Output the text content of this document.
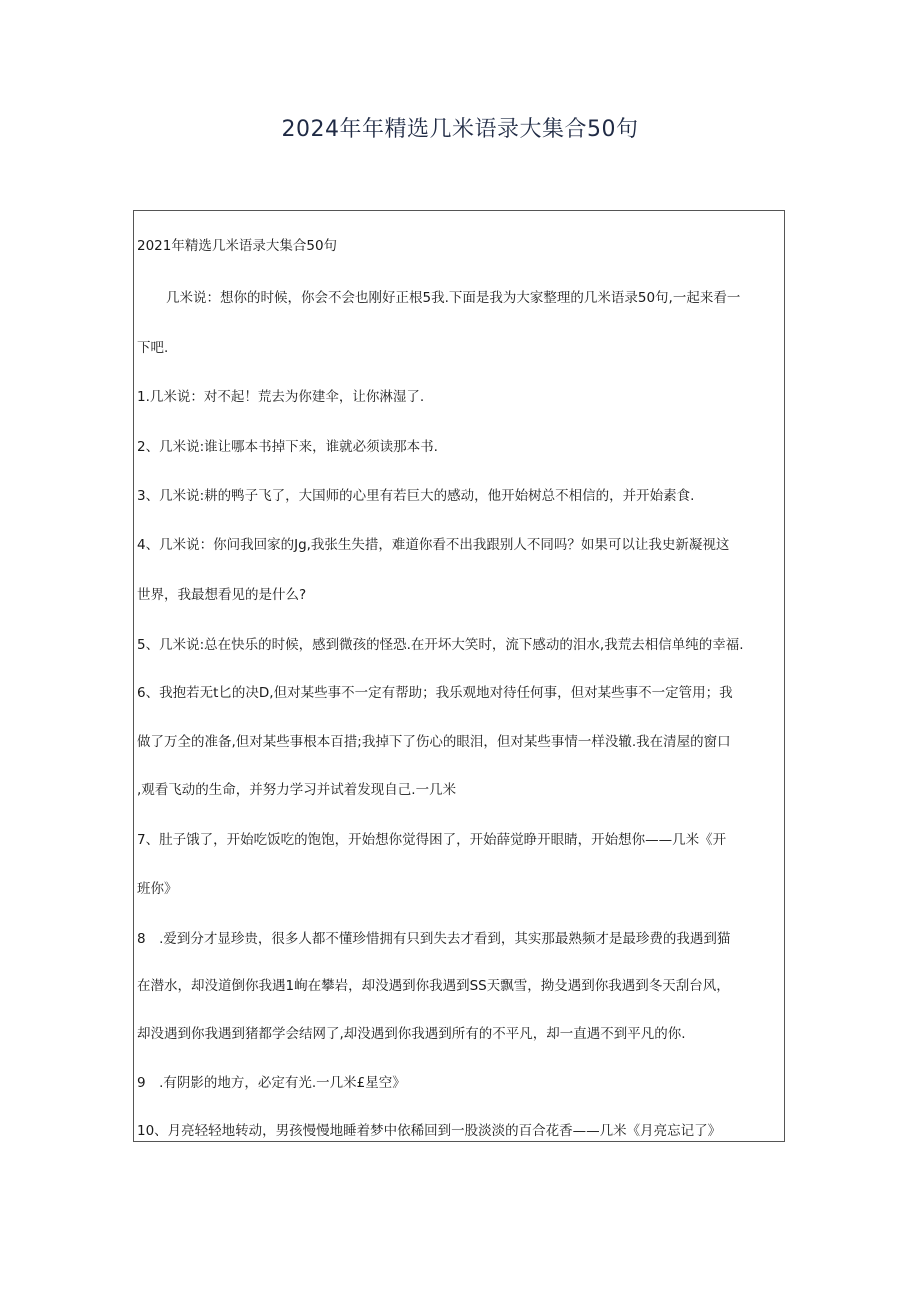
2024年年精选几米语录大集合50句
2021年精选几米语录大集合50句
几米说：想你的时候，你会不会也刚好正根5我.下面是我为大家整理的几米语录50句,一起来看一
下吧.
1.几米说：对不起！荒去为你建伞，让你淋湿了.
2、几米说:谁让哪本书掉下来，谁就必须读那本书.
3、几米说:耕的鸭子飞了，大国师的心里有若巨大的感动，他开始树总不相信的，并开始素食.
4、几米说：你问我回家的Jg,我张生失措，难道你看不出我跟别人不同吗？如果可以让我史新凝视这
世界，我最想看见的是什么?
5、几米说:总在快乐的时候，感到微孩的怪恐.在开坏大笑时，流下感动的泪水,我荒去相信单纯的幸福.
6、我抱若无t匕的决D,但对某些事不一定有帮助；我乐观地对待任何事，但对某些事不一定管用；我
做了万全的准备,但对某些事根本百措;我掉下了伤心的眼泪，但对某些事情一样没辙.我在清屋的窗口
,观看飞动的生命，并努力学习并试着发现自己.一几米
7、肚子饿了，开始吃饭吃的饱饱，开始想你觉得困了，开始薛觉睁开眼睛，开始想你——几米《开
班你》
8　.爱到分才显珍贵，很多人都不懂珍惜拥有只到失去才看到，其实那最熟频才是最珍费的我遇到猫
在潜水，却没道倒你我遇1峋在攀岩，却没遇到你我遇到SS天飘雪，拗殳遇到你我遇到冬天刮台风，
却没遇到你我遇到猪都学会结网了,却没遇到你我遇到所有的不平凡，却一直遇不到平凡的你.
9　.有阴影的地方，必定有光.一几米£星空》
10、月亮轻轻地转动，男孩慢慢地睡着梦中依稀回到一股淡淡的百合花香——几米《月亮忘记了》
